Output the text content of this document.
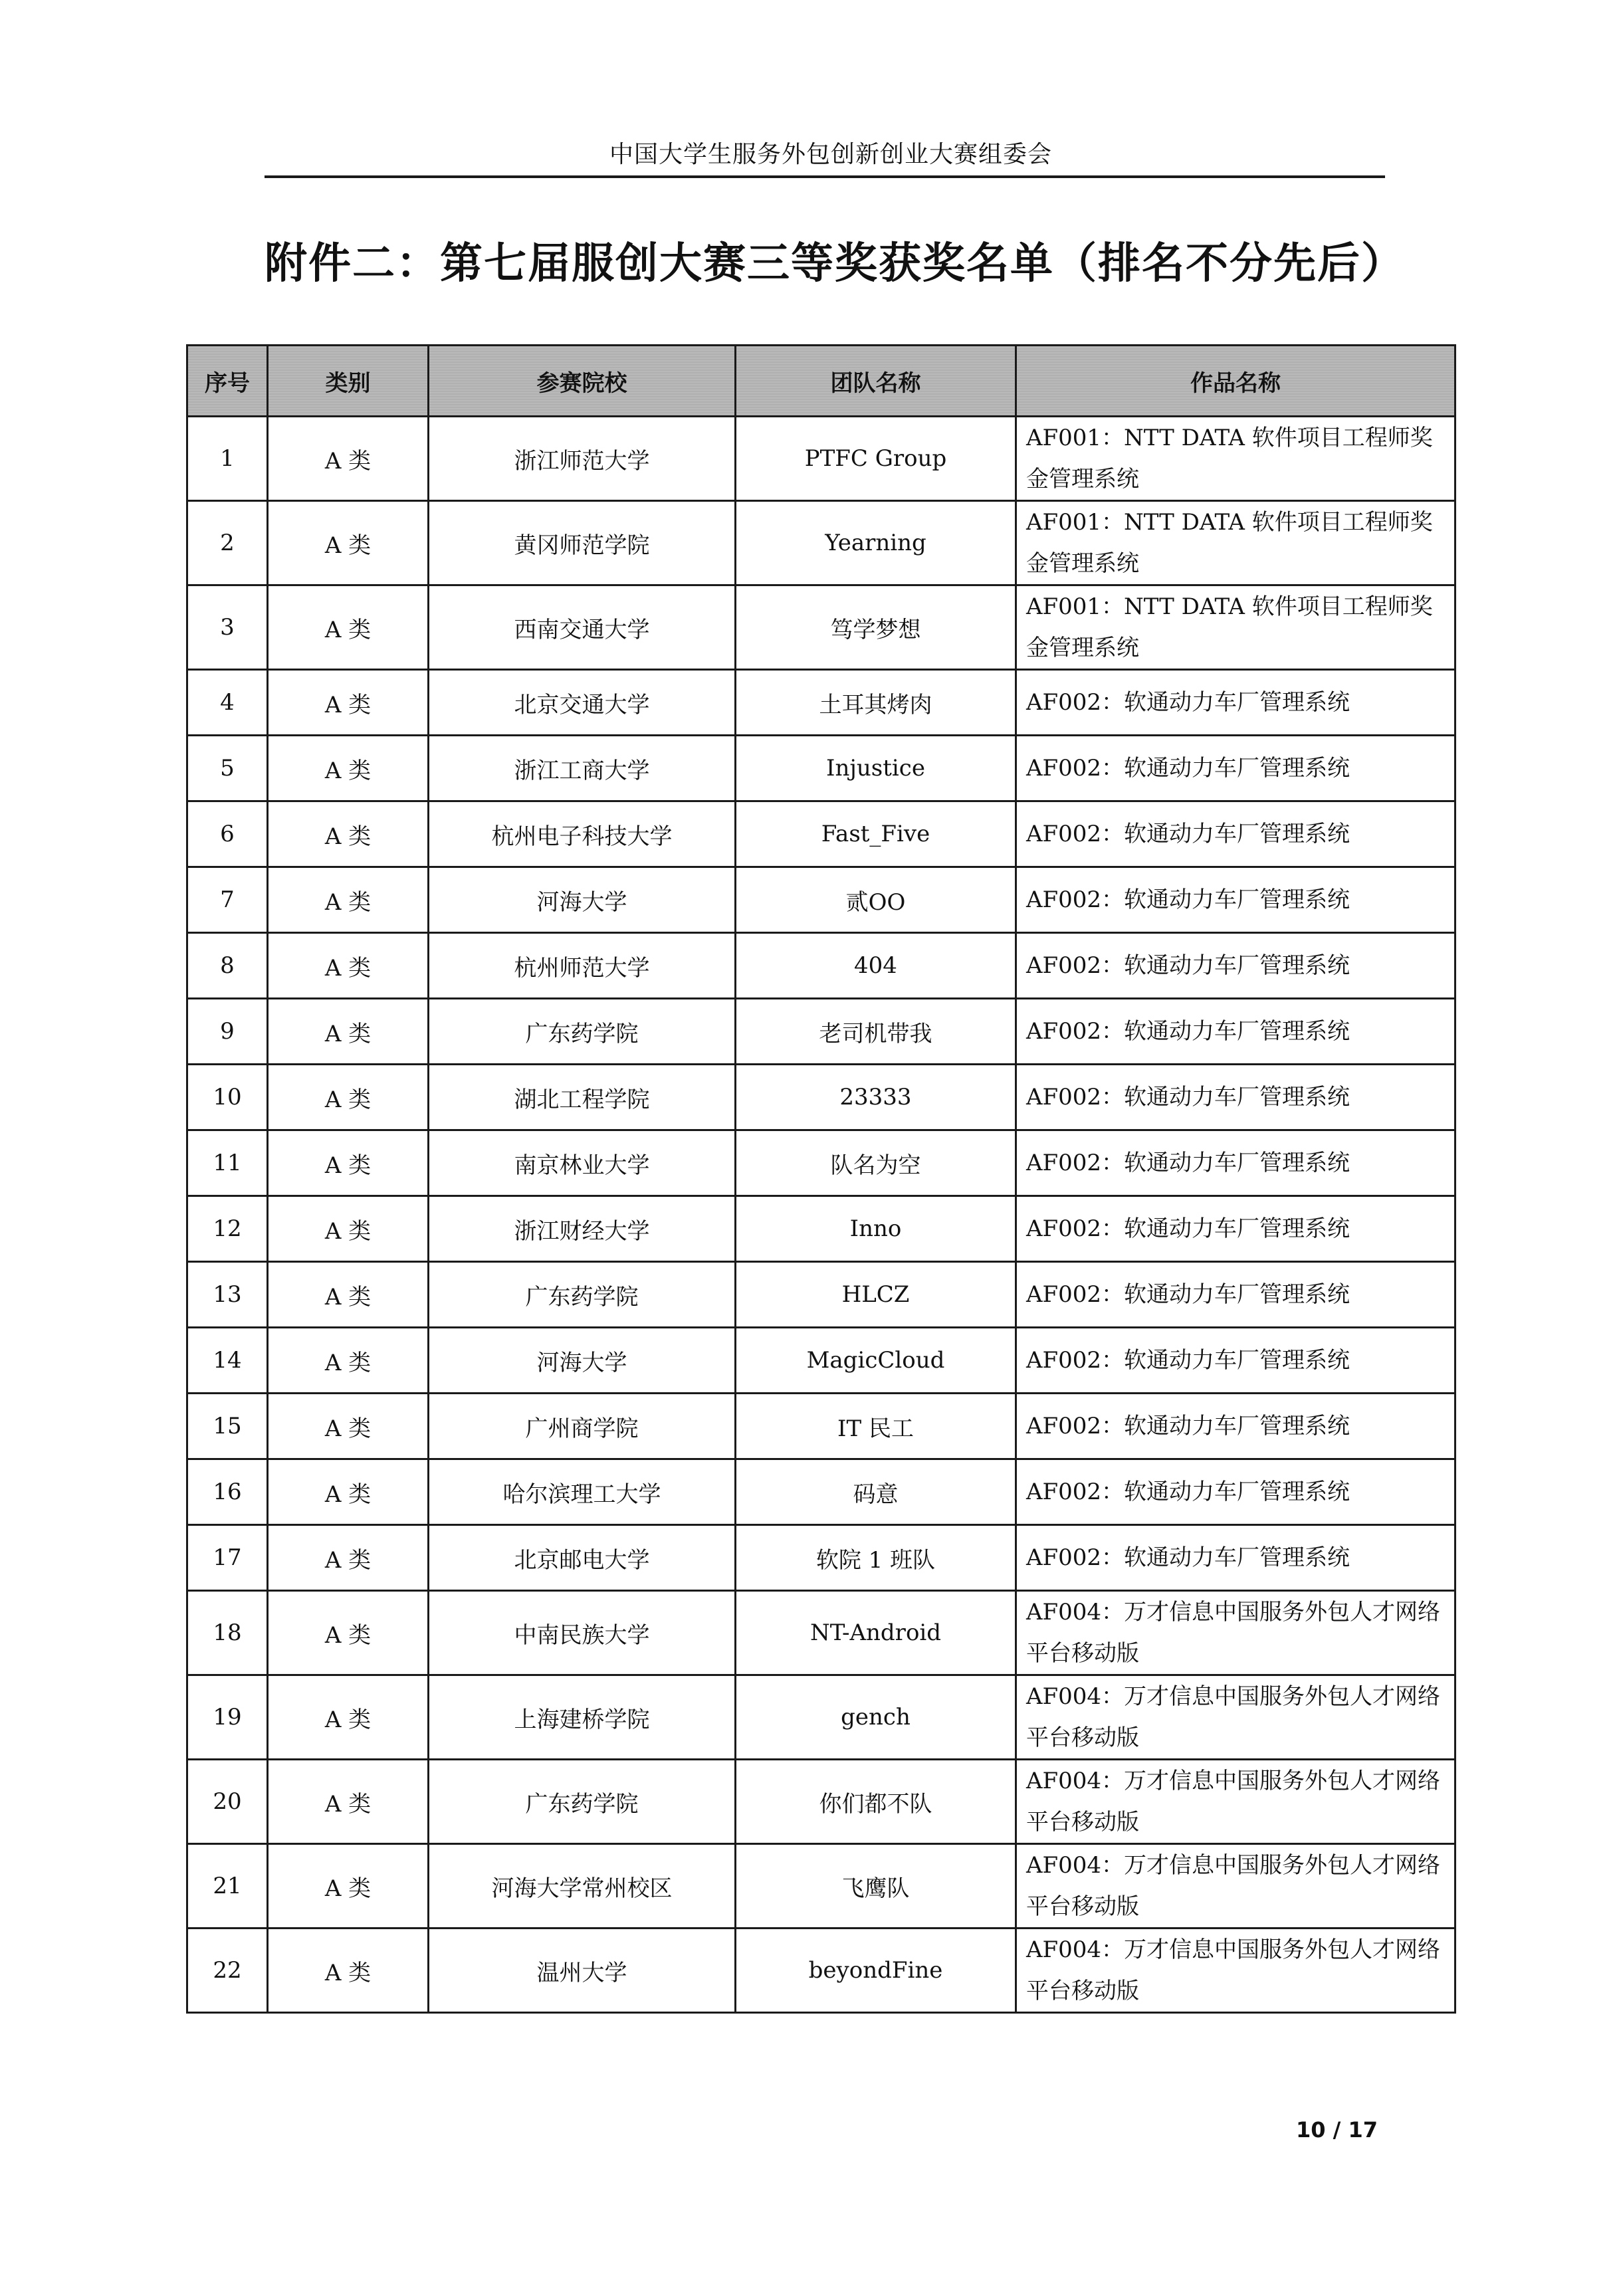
中国大学生服务外包创新创业大赛组委会
附件二：第七届服创大赛三等奖获奖名单（排名不分先后）
序号	类别	参赛院校	团队名称	作品名称
1	A 类	浙江师范大学	PTFC Group	AF001：NTT DATA 软件项目工程师奖金管理系统
2	A 类	黄冈师范学院	Yearning	AF001：NTT DATA 软件项目工程师奖金管理系统
3	A 类	西南交通大学	笃学梦想	AF001：NTT DATA 软件项目工程师奖金管理系统
4	A 类	北京交通大学	土耳其烤肉	AF002：软通动力车厂管理系统
5	A 类	浙江工商大学	Injustice	AF002：软通动力车厂管理系统
6	A 类	杭州电子科技大学	Fast_Five	AF002：软通动力车厂管理系统
7	A 类	河海大学	贰OO	AF002：软通动力车厂管理系统
8	A 类	杭州师范大学	404	AF002：软通动力车厂管理系统
9	A 类	广东药学院	老司机带我	AF002：软通动力车厂管理系统
10	A 类	湖北工程学院	23333	AF002：软通动力车厂管理系统
11	A 类	南京林业大学	队名为空	AF002：软通动力车厂管理系统
12	A 类	浙江财经大学	Inno	AF002：软通动力车厂管理系统
13	A 类	广东药学院	HLCZ	AF002：软通动力车厂管理系统
14	A 类	河海大学	MagicCloud	AF002：软通动力车厂管理系统
15	A 类	广州商学院	IT 民工	AF002：软通动力车厂管理系统
16	A 类	哈尔滨理工大学	码意	AF002：软通动力车厂管理系统
17	A 类	北京邮电大学	软院 1 班队	AF002：软通动力车厂管理系统
18	A 类	中南民族大学	NT-Android	AF004：万才信息中国服务外包人才网络平台移动版
19	A 类	上海建桥学院	gench	AF004：万才信息中国服务外包人才网络平台移动版
20	A 类	广东药学院	你们都不队	AF004：万才信息中国服务外包人才网络平台移动版
21	A 类	河海大学常州校区	飞鹰队	AF004：万才信息中国服务外包人才网络平台移动版
22	A 类	温州大学	beyondFine	AF004：万才信息中国服务外包人才网络平台移动版
10 / 17
